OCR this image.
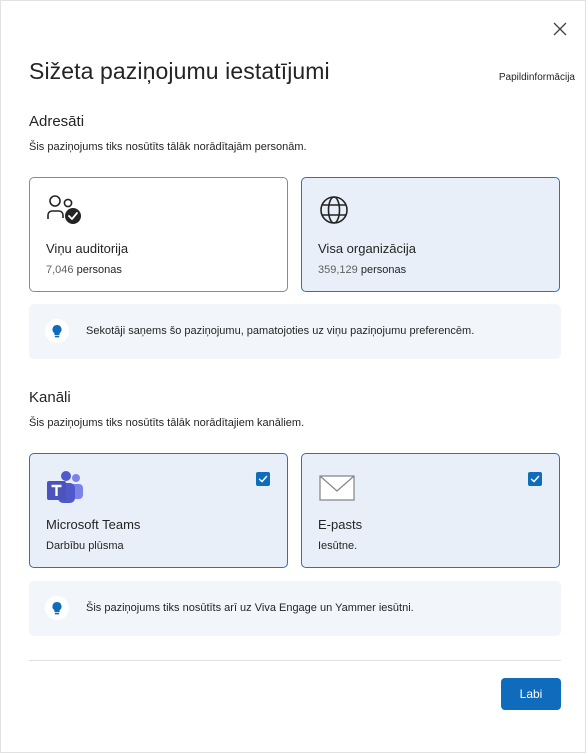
Sižeta paziņojumu iestatījumi	Papildinformācija
Adresāti

Šis paziņojums tiks nosūtīts tālāk norādītajām personām.

Viņu auditorija
7,046 personas
Visa organizācija
359,129 personas
Sekotāji saņems šo paziņojumu, pamatojoties uz viņu paziņojumu preferencēm.
Kanāli

Šis paziņojums tiks nosūtīts tālāk norādītajiem kanāliem.

Microsoft Teams
Darbību plūsma
E-pasts
Iesūtne.
Šis paziņojums tiks nosūtīts arī uz Viva Engage un Yammer iesūtni.
Labi
